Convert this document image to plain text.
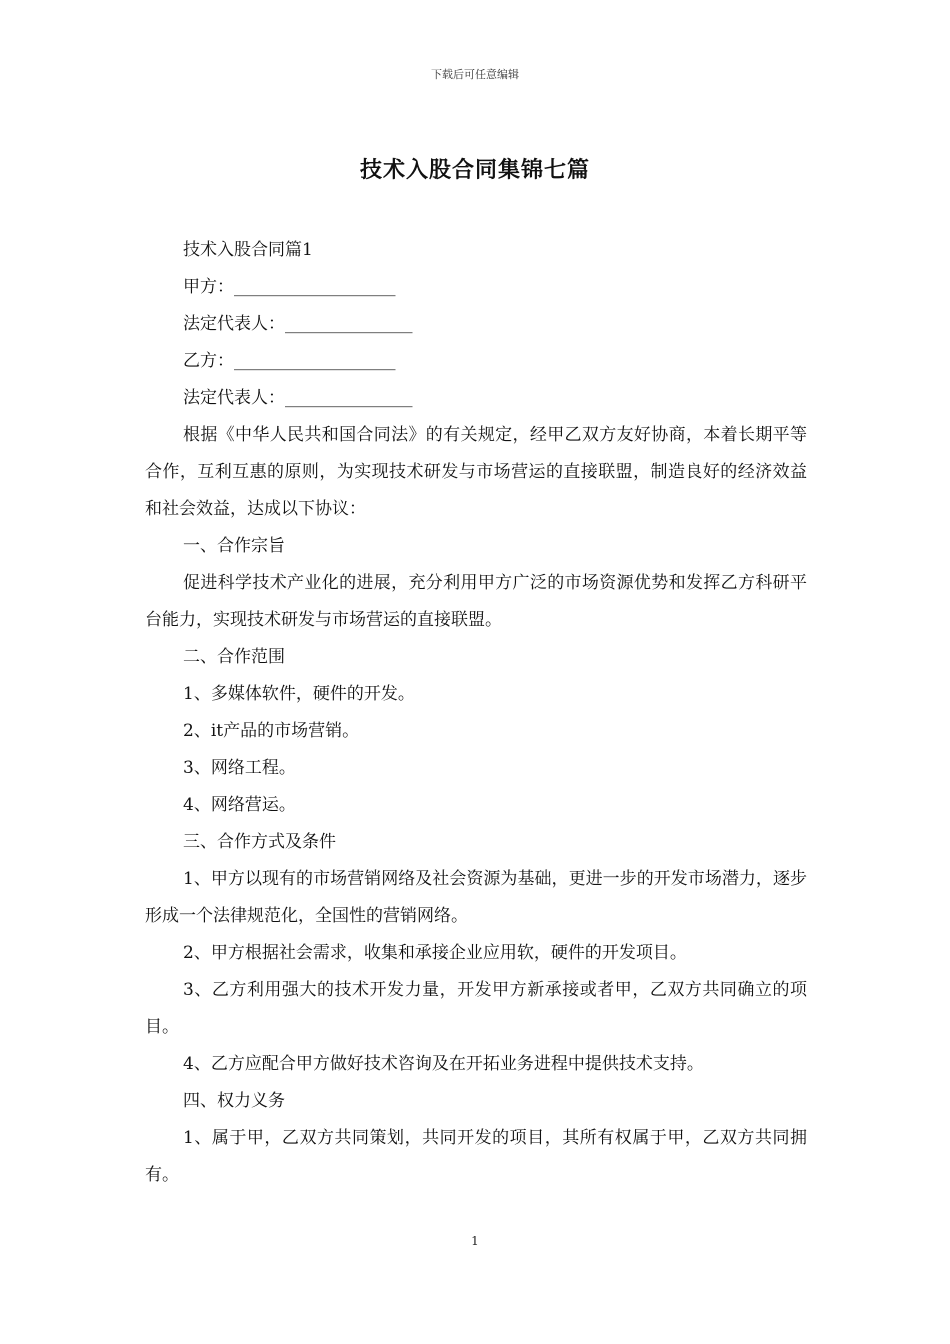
下载后可任意编辑
技术入股合同集锦七篇

技术入股合同篇1

甲方：___________________

法定代表人：_______________

乙方：___________________

法定代表人：_______________

根据《中华人民共和国合同法》的有关规定，经甲乙双方友好协商，本着长期平等合作，互利互惠的原则，为实现技术研发与市场营运的直接联盟，制造良好的经济效益和社会效益，达成以下协议：

一、合作宗旨

促进科学技术产业化的进展，充分利用甲方广泛的市场资源优势和发挥乙方科研平台能力，实现技术研发与市场营运的直接联盟。

二、合作范围

1、多媒体软件，硬件的开发。

2、it产品的市场营销。

3、网络工程。

4、网络营运。

三、合作方式及条件

1、甲方以现有的市场营销网络及社会资源为基础，更进一步的开发市场潜力，逐步形成一个法律规范化，全国性的营销网络。

2、甲方根据社会需求，收集和承接企业应用软，硬件的开发项目。

3、乙方利用强大的技术开发力量，开发甲方新承接或者甲，乙双方共同确立的项目。

4、乙方应配合甲方做好技术咨询及在开拓业务进程中提供技术支持。

四、权力义务

1、属于甲，乙双方共同策划，共同开发的项目，其所有权属于甲，乙双方共同拥有。

1
